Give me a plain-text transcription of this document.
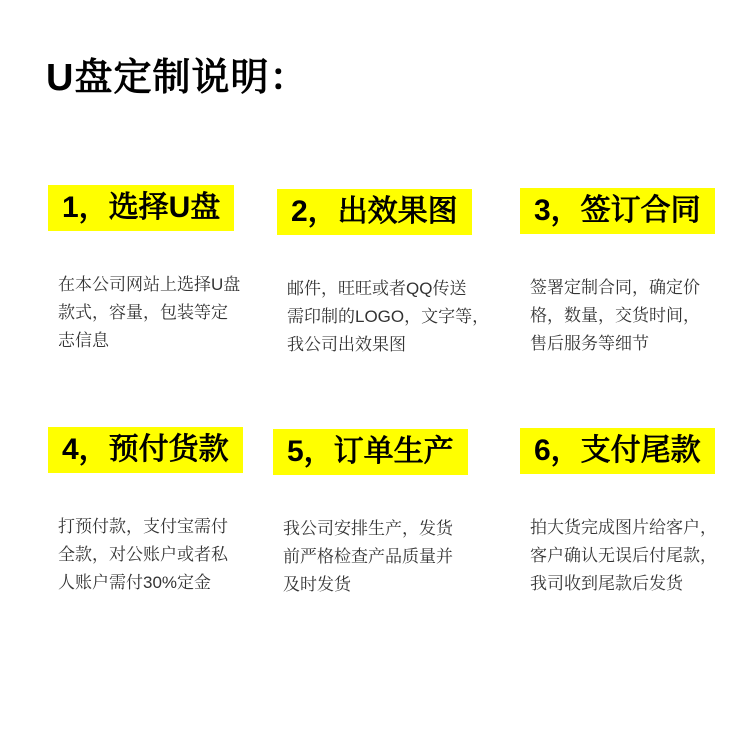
U盘定制说明：
1，选择U盘
在本公司网站上选择U盘
款式，容量，包装等定
志信息
2，出效果图
邮件，旺旺或者QQ传送
需印制的LOGO，文字等，
我公司出效果图
3，签订合同
签署定制合同，确定价
格，数量，交货时间，
售后服务等细节
4，预付货款
打预付款，支付宝需付
全款，对公账户或者私
人账户需付30%定金
5，订单生产
我公司安排生产，发货
前严格检查产品质量并
及时发货
6，支付尾款
拍大货完成图片给客户，
客户确认无误后付尾款，
我司收到尾款后发货
